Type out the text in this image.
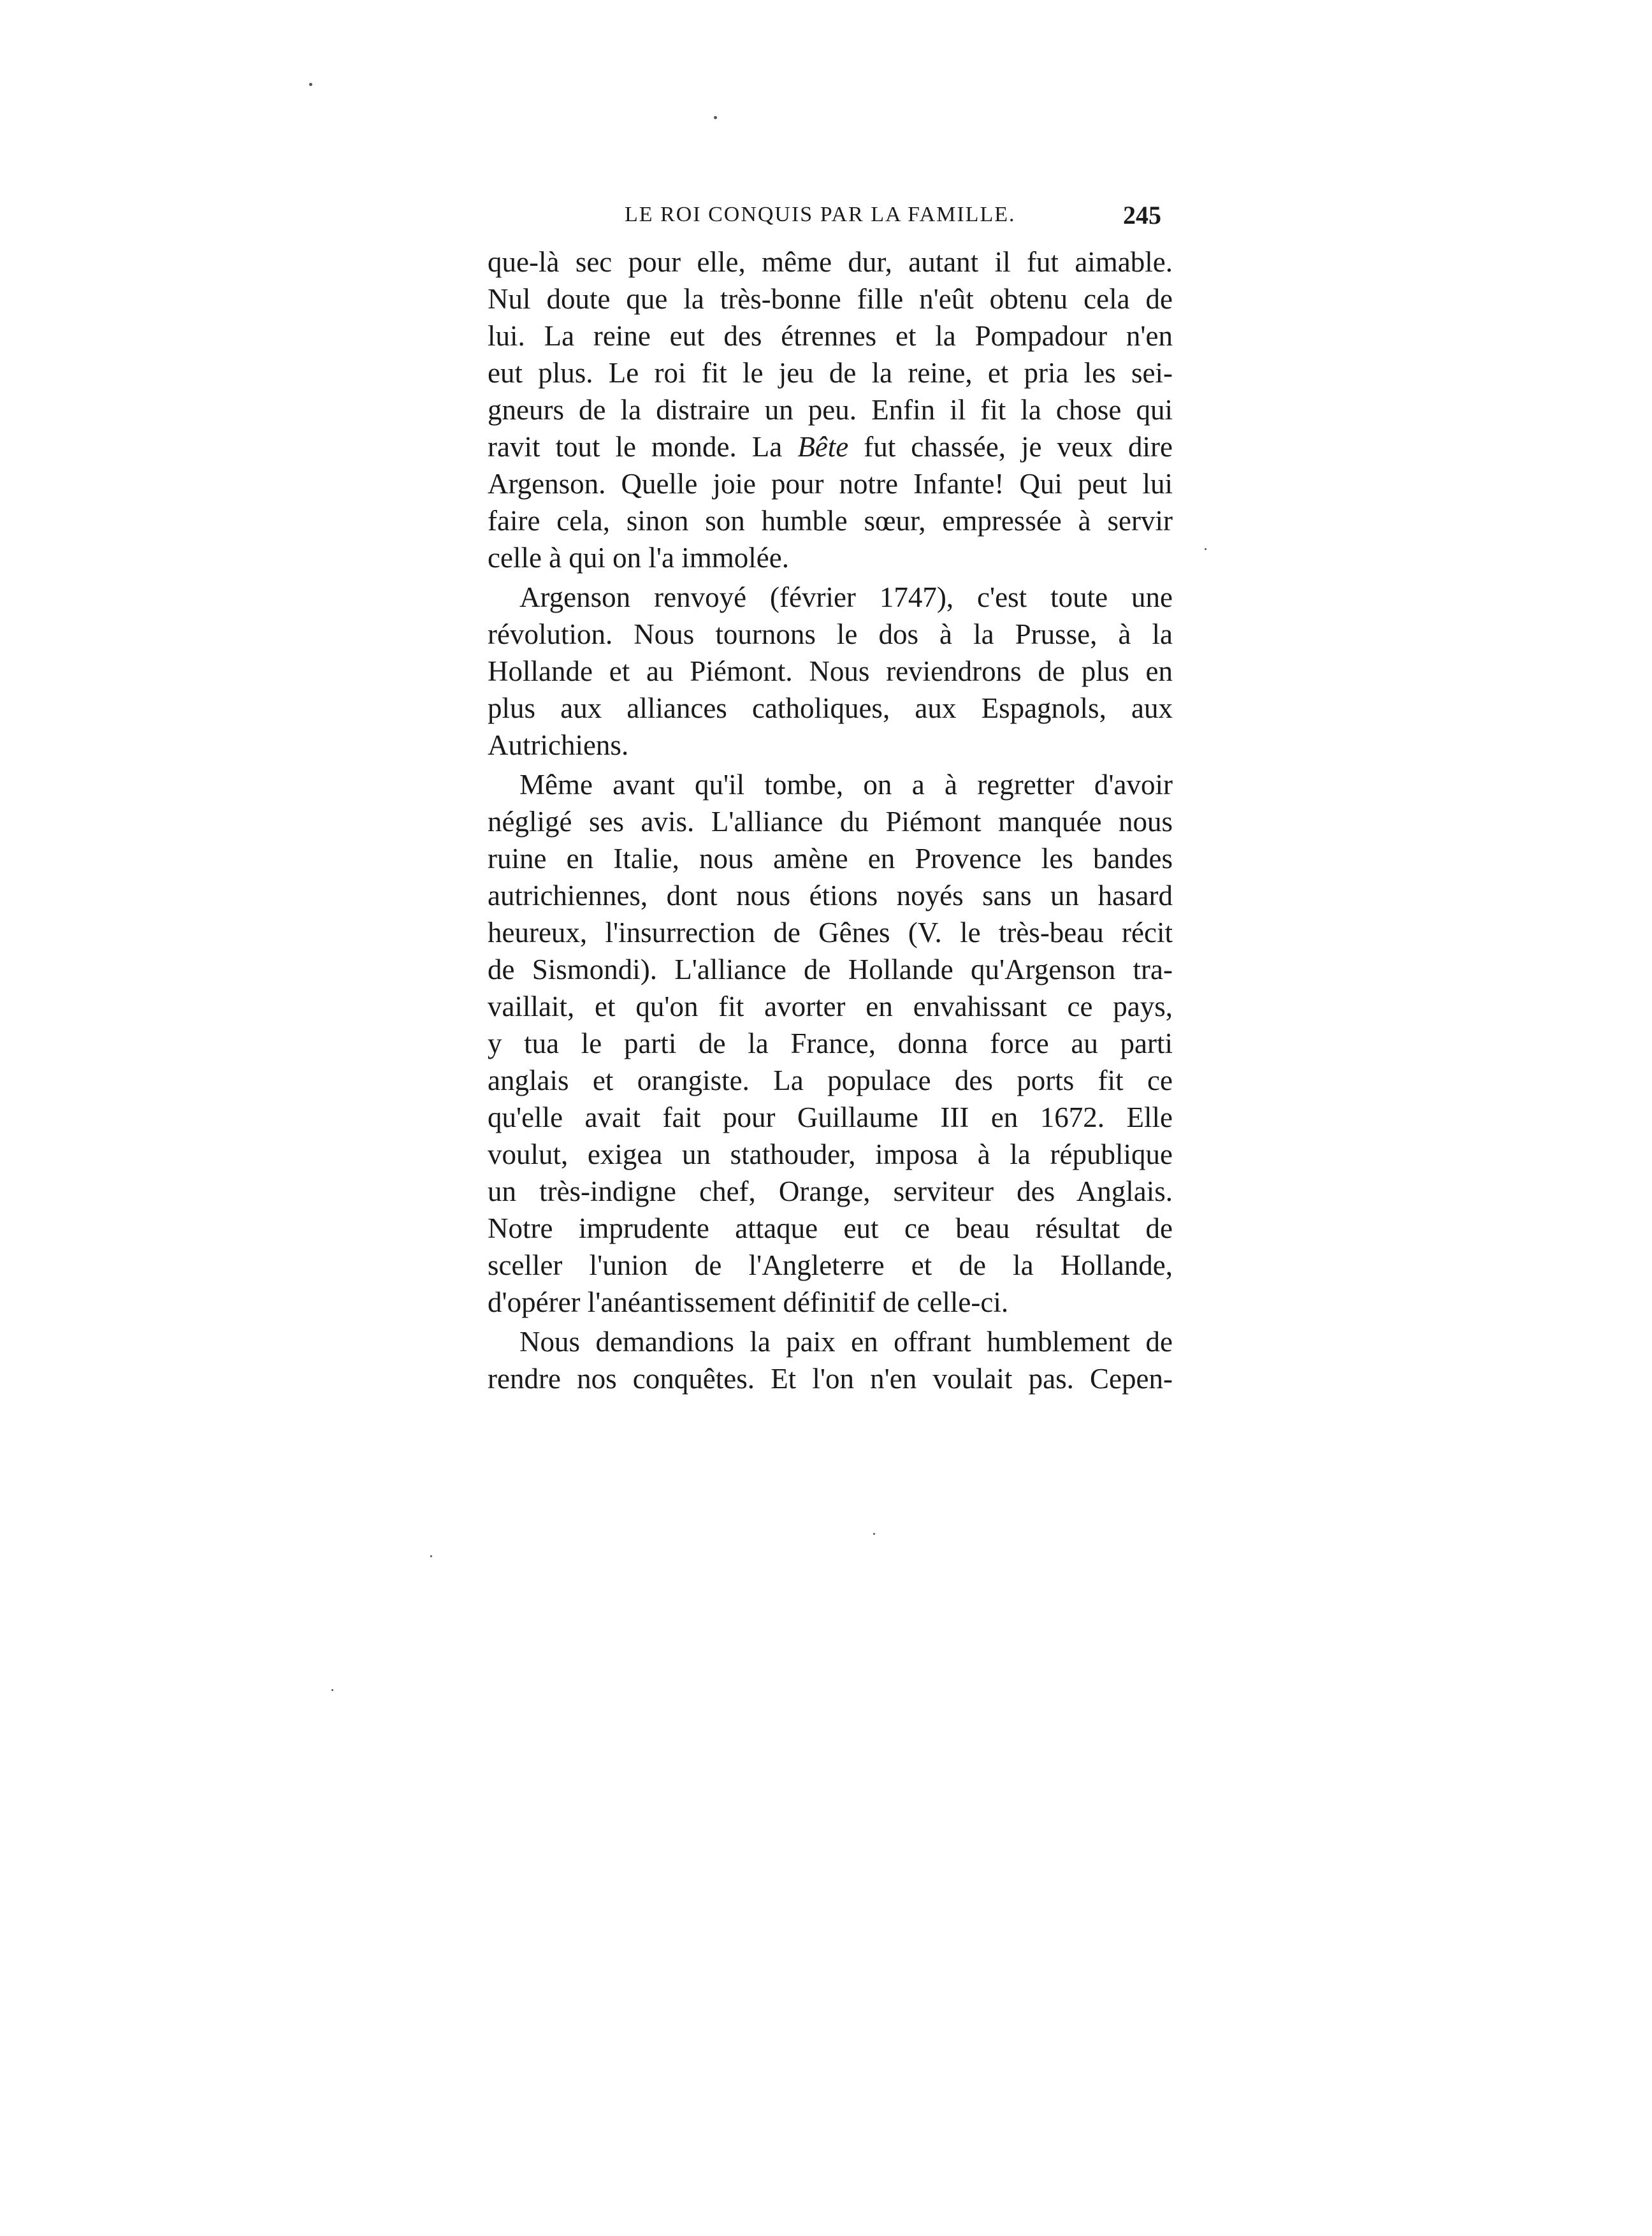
LE ROI CONQUIS PAR LA FAMILLE.	245
que-là sec pour elle, même dur, autant il fut aimable.
Nul doute que la très-bonne fille n'eût obtenu cela de
lui. La reine eut des étrennes et la Pompadour n'en
eut plus. Le roi fit le jeu de la reine, et pria les sei-
gneurs de la distraire un peu. Enfin il fit la chose qui
ravit tout le monde. La Bête fut chassée, je veux dire
Argenson. Quelle joie pour notre Infante! Qui peut lui
faire cela, sinon son humble sœur, empressée à servir
celle à qui on l'a immolée.
Argenson renvoyé (février 1747), c'est toute une
révolution. Nous tournons le dos à la Prusse, à la
Hollande et au Piémont. Nous reviendrons de plus en
plus aux alliances catholiques, aux Espagnols, aux
Autrichiens.
Même avant qu'il tombe, on a à regretter d'avoir
négligé ses avis. L'alliance du Piémont manquée nous
ruine en Italie, nous amène en Provence les bandes
autrichiennes, dont nous étions noyés sans un hasard
heureux, l'insurrection de Gênes (V. le très-beau récit
de Sismondi). L'alliance de Hollande qu'Argenson tra-
vaillait, et qu'on fit avorter en envahissant ce pays,
y tua le parti de la France, donna force au parti
anglais et orangiste. La populace des ports fit ce
qu'elle avait fait pour Guillaume III en 1672. Elle
voulut, exigea un stathouder, imposa à la république
un très-indigne chef, Orange, serviteur des Anglais.
Notre imprudente attaque eut ce beau résultat de
sceller l'union de l'Angleterre et de la Hollande,
d'opérer l'anéantissement définitif de celle-ci.
Nous demandions la paix en offrant humblement de
rendre nos conquêtes. Et l'on n'en voulait pas. Cepen-
